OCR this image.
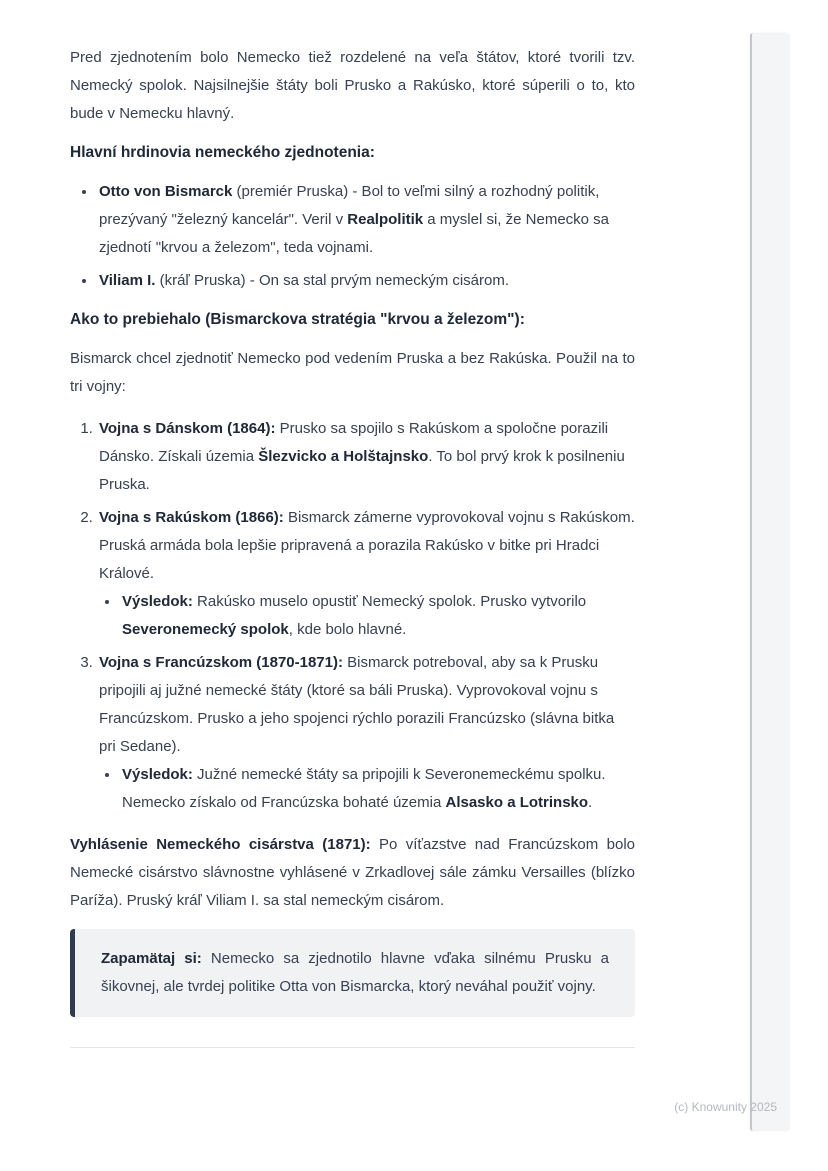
Pred zjednotením bolo Nemecko tiež rozdelené na veľa štátov, ktoré tvorili tzv. Nemecký spolok. Najsilnejšie štáty boli Prusko a Rakúsko, ktoré súperili o to, kto bude v Nemecku hlavný.

Hlavní hrdinovia nemeckého zjednotenia:
• Otto von Bismarck (premiér Pruska) - Bol to veľmi silný a rozhodný politik, prezývaný "železný kancelár". Veril v Realpolitik a myslel si, že Nemecko sa zjednotí "krvou a železom", teda vojnami.
• Viliam I. (kráľ Pruska) - On sa stal prvým nemeckým cisárom.
Ako to prebiehalo (Bismarckova stratégia "krvou a železom"):

Bismarck chcel zjednotiť Nemecko pod vedením Pruska a bez Rakúska. Použil na to tri vojny:

1. Vojna s Dánskom (1864): Prusko sa spojilo s Rakúskom a spoločne porazili Dánsko. Získali územia Šlezvicko a Holštajnsko. To bol prvý krok k posilneniu Pruska.
2. Vojna s Rakúskom (1866): Bismarck zámerne vyprovokoval vojnu s Rakúskom. Pruská armáda bola lepšie pripravená a porazila Rakúsko v bitke pri Hradci Králové.
• Výsledok: Rakúsko muselo opustiť Nemecký spolok. Prusko vytvorilo Severonemecký spolok, kde bolo hlavné.
3. Vojna s Francúzskom (1870-1871): Bismarck potreboval, aby sa k Prusku pripojili aj južné nemecké štáty (ktoré sa báli Pruska). Vyprovokoval vojnu s Francúzskom. Prusko a jeho spojenci rýchlo porazili Francúzsko (slávna bitka pri Sedane).
• Výsledok: Južné nemecké štáty sa pripojili k Severonemeckému spolku. Nemecko získalo od Francúzska bohaté územia Alsasko a Lotrinsko.

Vyhlásenie Nemeckého cisárstva (1871): Po víťazstve nad Francúzskom bolo Nemecké cisárstvo slávnostne vyhlásené v Zrkadlovej sále zámku Versailles (blízko Paríža). Pruský kráľ Viliam I. sa stal nemeckým cisárom.

Zapamätaj si: Nemecko sa zjednotilo hlavne vďaka silnému Prusku a šikovnej, ale tvrdej politike Otta von Bismarcka, ktorý neváhal použiť vojny.

(c) Knowunity 2025
